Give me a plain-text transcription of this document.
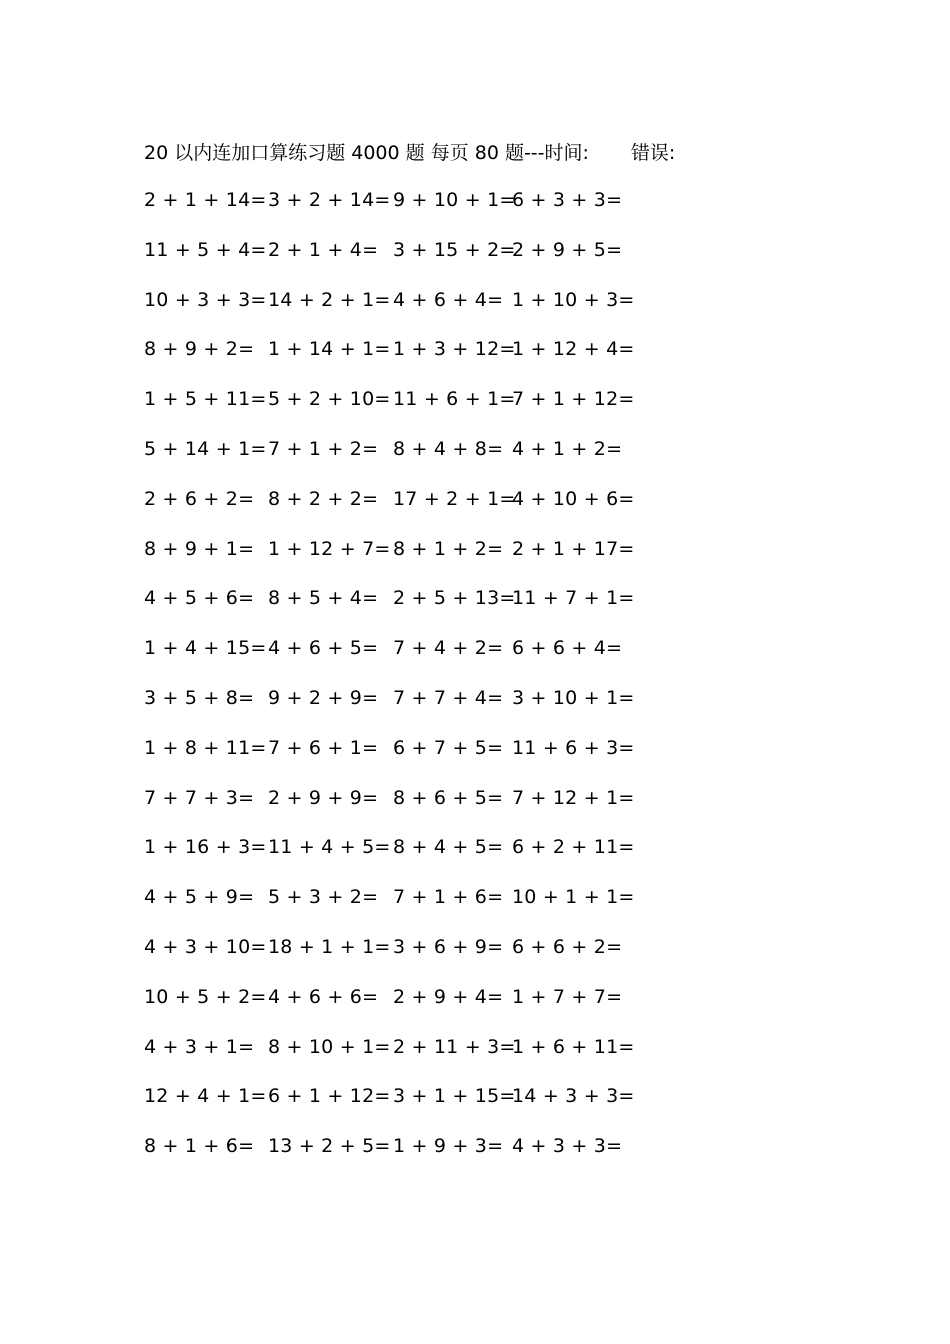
20 以内连加口算练习题 4000 题 每页 80 题--- 时间: 错误:
2 + 1 + 14= 3 + 2 + 14= 9 + 10 + 1=
6 + 3 + 3=
11 + 5 + 4= 2 + 1 + 4= 3 + 15 + 2=
2 + 9 + 5=
10 + 3 + 3= 14 + 2 + 1= 4 + 6 + 4= 1 + 10 + 3=
8 + 9 + 2= 1 + 14 + 1= 1 + 3 + 12=
1 + 12 + 4=
1 + 5 + 11= 5 + 2 + 10= 11 + 6 + 1=
7 + 1 + 12=
5 + 14 + 1= 7 + 1 + 2= 8 + 4 + 8= 4 + 1 + 2=
2 + 6 + 2= 8 + 2 + 2= 17 + 2 + 1=
4 + 10 + 6=
8 + 9 + 1= 1 + 12 + 7= 8 + 1 + 2= 2 + 1 + 17=
4 + 5 + 6= 8 + 5 + 4= 2 + 5 + 13=
11 + 7 + 1=
1 + 4 + 15= 4 + 6 + 5= 7 + 4 + 2= 6 + 6 + 4=
3 + 5 + 8= 9 + 2 + 9= 7 + 7 + 4= 3 + 10 + 1=
1 + 8 + 11= 7 + 6 + 1= 6 + 7 + 5= 11 + 6 + 3=
7 + 7 + 3= 2 + 9 + 9= 8 + 6 + 5= 7 + 12 + 1=
1 + 16 + 3= 11 + 4 + 5= 8 + 4 + 5= 6 + 2 + 11=
4 + 5 + 9= 5 + 3 + 2= 7 + 1 + 6= 10 + 1 + 1=
4 + 3 + 10= 18 + 1 + 1= 3 + 6 + 9= 6 + 6 + 2=
10 + 5 + 2= 4 + 6 + 6= 2 + 9 + 4= 1 + 7 + 7=
4 + 3 + 1= 8 + 10 + 1= 2 + 11 + 3=
1 + 6 + 11=
12 + 4 + 1= 6 + 1 + 12= 3 + 1 + 15=
14 + 3 + 3=
8 + 1 + 6= 13 + 2 + 5= 1 + 9 + 3= 4 + 3 + 3=
